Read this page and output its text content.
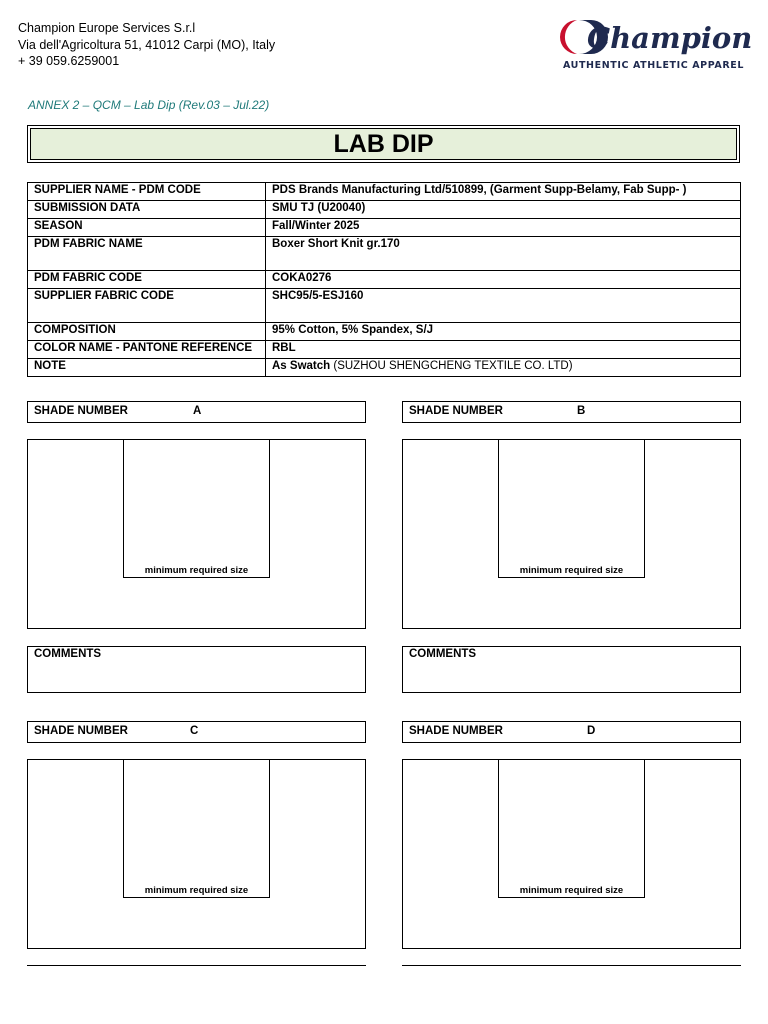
Champion Europe Services S.r.l
Via dell'Agricoltura 51, 41012 Carpi (MO), Italy
+ 39 059.6259001
Champion
AUTHENTIC ATHLETIC APPAREL
ANNEX 2 – QCM – Lab Dip (Rev.03 – Jul.22)
LAB DIP
SUPPLIER NAME - PDM CODE	PDS Brands Manufacturing Ltd/510899, (Garment Supp-Belamy, Fab Supp- )
SUBMISSION DATA	SMU TJ (U20040)
SEASON	Fall/Winter 2025
PDM FABRIC NAME	Boxer Short Knit gr.170
PDM FABRIC CODE	COKA0276
SUPPLIER FABRIC CODE	SHC95/5-ESJ160
COMPOSITION	95% Cotton, 5% Spandex, S/J
COLOR NAME - PANTONE REFERENCE	RBL
NOTE	As Swatch (SUZHOU SHENGCHENG TEXTILE CO. LTD)
SHADE NUMBER	A
minimum required size
COMMENTS
SHADE NUMBER	B
minimum required size
COMMENTS
SHADE NUMBER	C
minimum required size
SHADE NUMBER	D
minimum required size
